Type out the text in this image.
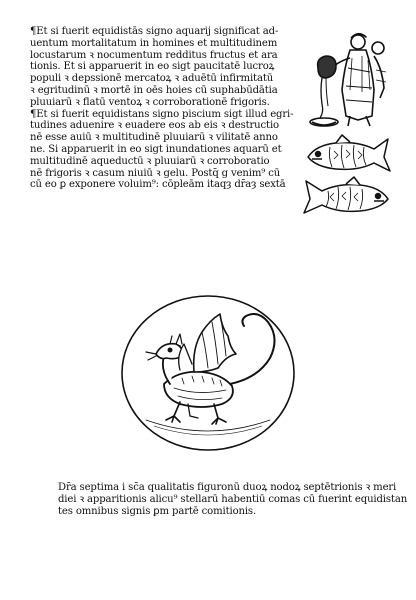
¶Et si fuerit equidistās signo aquarij significat ad-
uentum mortalitatum in homines et multitudinem
locustarum ꝛ nocumentum redditus fructus et ara
tionis. Et si apparuerit in eo sigt paucitatē lucroꝝ
populi ꝛ depssionē mercatoꝝ ꝛ aduētū infirmitatū
ꝛ egritudinū ꝛ mortē in oēs hoies cū suphabūdātia
pluuiarū ꝛ flatū ventoꝝ ꝛ corroborationē frigoris.
¶Et si fuerit equidistans signo piscium sigt illud egri-
tudines aduenire ꝛ euadere eos ab eis ꝛ destructio
nē esse auiū ꝛ multitudinē pluuiarū ꝛ vilitatē anno
ne. Si apparuerit in eo sigt inundationes aquarū et
multitudinē aqueductū ꝛ pluuiarū ꝛ corroboratio
nē frigoris ꝛ casum niuiū ꝛ gelu. Postq̄ g venim⁹ cū
cū eo ꝑ exponere voluim⁹: cōpleām itaqȝ dr̄aȝ sextā
Dr̄a septima i sc̄a qualitatis figuronū duoꝝ nodoꝝ septētrionis ꝛ meri
diei ꝛ apparitionis alicu⁹ stellarū habentiū comas cū fuerint equidistan
tes omnibus signis ꝑm partē comitionis.
